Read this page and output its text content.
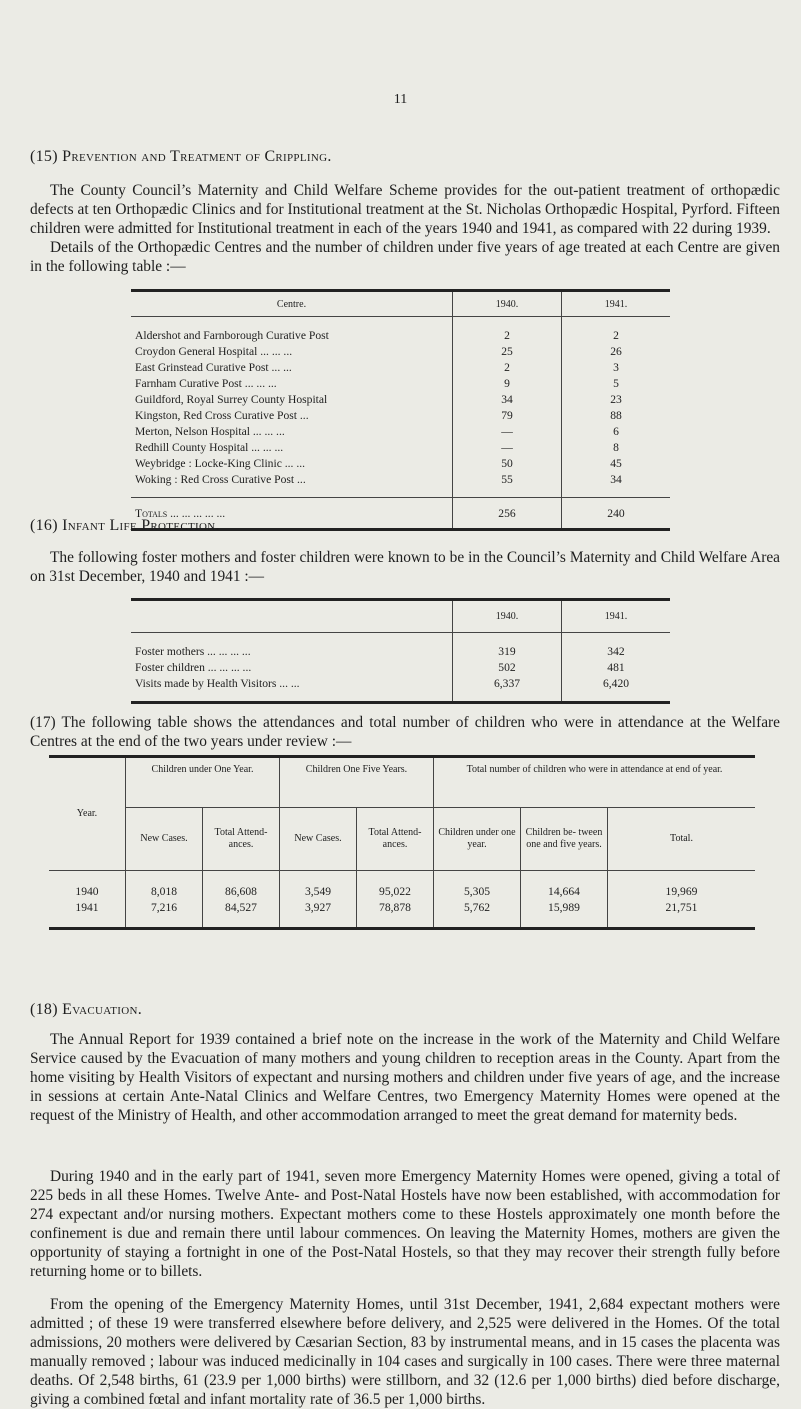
11
(15) Prevention and Treatment of Crippling.

The County Council’s Maternity and Child Welfare Scheme provides for the out-patient treatment of orthopædic defects at ten Orthopædic Clinics and for Institutional treatment at the St. Nicholas Orthopædic Hospital, Pyrford. Fifteen children were admitted for Institutional treatment in each of the years 1940 and 1941, as compared with 22 during 1939.

Details of the Orthopædic Centres and the number of children under five years of age treated at each Centre are given in the following table :—

Centre.	1940.	1941.
Aldershot and Farnborough Curative Post	2	2
Croydon General Hospital ... ... ...	25	26
East Grinstead Curative Post ... ...	2	3
Farnham Curative Post ... ... ...	9	5
Guildford, Royal Surrey County Hospital	34	23
Kingston, Red Cross Curative Post ...	79	88
Merton, Nelson Hospital ... ... ...	—	6
Redhill County Hospital ... ... ...	—	8
Weybridge : Locke-King Clinic ... ...	50	45
Woking : Red Cross Curative Post ...	55	34
Totals ... ... ... ... ...	256	240
(16) Infant Life Protection.

The following foster mothers and foster children were known to be in the Council’s Maternity and Child Welfare Area on 31st December, 1940 and 1941 :—

	1940.	1941.
Foster mothers ... ... ... ...	319	342
Foster children ... ... ... ...	502	481
Visits made by Health Visitors ... ...	6,337	6,420

(17) The following table shows the attendances and total number of children who were in attendance at the Welfare Centres at the end of the two years under review :—

Year.	Children under One Year.		Children One Five Years.		Total number of children who were in attendance at end of year.		
	New Cases.	Total Attend- ances.	New Cases.	Total Attend- ances.	Children under one year.	Children be- tween one and five years.	Total.
1940	8,018	86,608	3,549	95,022	5,305	14,664	19,969
1941	7,216	84,527	3,927	78,878	5,762	15,989	21,751
(18) Evacuation.

The Annual Report for 1939 contained a brief note on the increase in the work of the Maternity and Child Welfare Service caused by the Evacuation of many mothers and young children to reception areas in the County. Apart from the home visiting by Health Visitors of expectant and nursing mothers and children under five years of age, and the increase in sessions at certain Ante-Natal Clinics and Welfare Centres, two Emergency Maternity Homes were opened at the request of the Ministry of Health, and other accommodation arranged to meet the great demand for maternity beds.

During 1940 and in the early part of 1941, seven more Emergency Maternity Homes were opened, giving a total of 225 beds in all these Homes. Twelve Ante- and Post-Natal Hostels have now been established, with accommodation for 274 expectant and/or nursing mothers. Expectant mothers come to these Hostels approximately one month before the confinement is due and remain there until labour commences. On leaving the Maternity Homes, mothers are given the opportunity of staying a fortnight in one of the Post-Natal Hostels, so that they may recover their strength fully before returning home or to billets.

From the opening of the Emergency Maternity Homes, until 31st December, 1941, 2,684 expectant mothers were admitted ; of these 19 were transferred elsewhere before delivery, and 2,525 were delivered in the Homes. Of the total admissions, 20 mothers were delivered by Cæsarian Section, 83 by instrumental means, and in 15 cases the placenta was manually removed ; labour was induced medicinally in 104 cases and surgically in 100 cases. There were three maternal deaths. Of 2,548 births, 61 (23.9 per 1,000 births) were stillborn, and 32 (12.6 per 1,000 births) died before discharge, giving a combined fœtal and infant mortality rate of 36.5 per 1,000 births.
